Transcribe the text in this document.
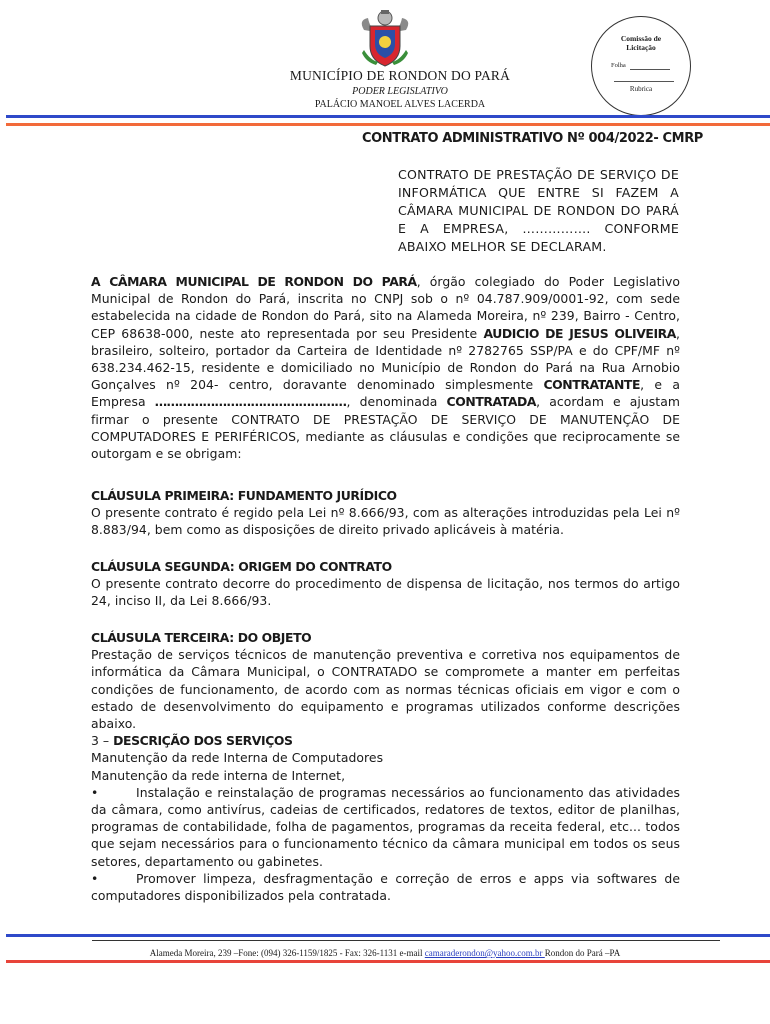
MUNICÍPIO DE RONDON DO PARÁ
PODER LEGISLATIVO
PALÁCIO MANOEL ALVES LACERDA
Comissão de
Licitação
Folha
Rubrica
CONTRATO ADMINISTRATIVO Nº 004/2022- CMRP
CONTRATO DE PRESTAÇÃO DE SERVIÇO DE INFORMÁTICA QUE ENTRE SI FAZEM A CÂMARA MUNICIPAL DE RONDON DO PARÁ E A EMPRESA, ……………. CONFORME ABAIXO MELHOR SE DECLARAM.
A CÂMARA MUNICIPAL DE RONDON DO PARÁ, órgão colegiado do Poder Legislativo Municipal de Rondon do Pará, inscrita no CNPJ sob o nº 04.787.909/0001-92, com sede estabelecida na cidade de Rondon do Pará, sito na Alameda Moreira, nº 239, Bairro - Centro, CEP 68638-000, neste ato representada por seu Presidente AUDICIO DE JESUS OLIVEIRA, brasileiro, solteiro, portador da Carteira de Identidade nº 2782765 SSP/PA e do CPF/MF nº 638.234.462-15, residente e domiciliado no Município de Rondon do Pará na Rua Arnobio Gonçalves nº 204- centro, doravante denominado simplesmente CONTRATANTE, e a Empresa …………………………………………, denominada CONTRATADA, acordam e ajustam firmar o presente CONTRATO DE PRESTAÇÃO DE SERVIÇO DE MANUTENÇÃO DE COMPUTADORES E PERIFÉRICOS, mediante as cláusulas e condições que reciprocamente se outorgam e se obrigam:
CLÁUSULA PRIMEIRA: FUNDAMENTO JURÍDICO
O presente contrato é regido pela Lei nº 8.666/93, com as alterações introduzidas pela Lei nº 8.883/94, bem como as disposições de direito privado aplicáveis à matéria.
CLÁUSULA SEGUNDA: ORIGEM DO CONTRATO
O presente contrato decorre do procedimento de dispensa de licitação, nos termos do artigo 24, inciso II, da Lei 8.666/93.
CLÁUSULA TERCEIRA: DO OBJETO
Prestação de serviços técnicos de manutenção preventiva e corretiva nos equipamentos de informática da Câmara Municipal, o CONTRATADO se compromete a manter em perfeitas condições de funcionamento, de acordo com as normas técnicas oficiais em vigor e com o estado de desenvolvimento do equipamento e programas utilizados conforme descrições abaixo.
3 – DESCRIÇÃO DOS SERVIÇOS
Manutenção da rede Interna de Computadores
Manutenção da rede interna de Internet,
•	Instalação e reinstalação de programas necessários ao funcionamento das atividades da câmara, como antivírus, cadeias de certificados, redatores de textos, editor de planilhas, programas de contabilidade, folha de pagamentos, programas da receita federal, etc... todos que sejam necessários para o funcionamento técnico da câmara municipal em todos os seus setores, departamento ou gabinetes.
•	Promover limpeza, desfragmentação e correção de erros e apps via softwares de computadores disponibilizados pela contratada.
Alameda Moreira, 239 –Fone: (094) 326-1159/1825 - Fax: 326-1131 e-mail camaraderondon@yahoo.com.br Rondon do Pará –PA
